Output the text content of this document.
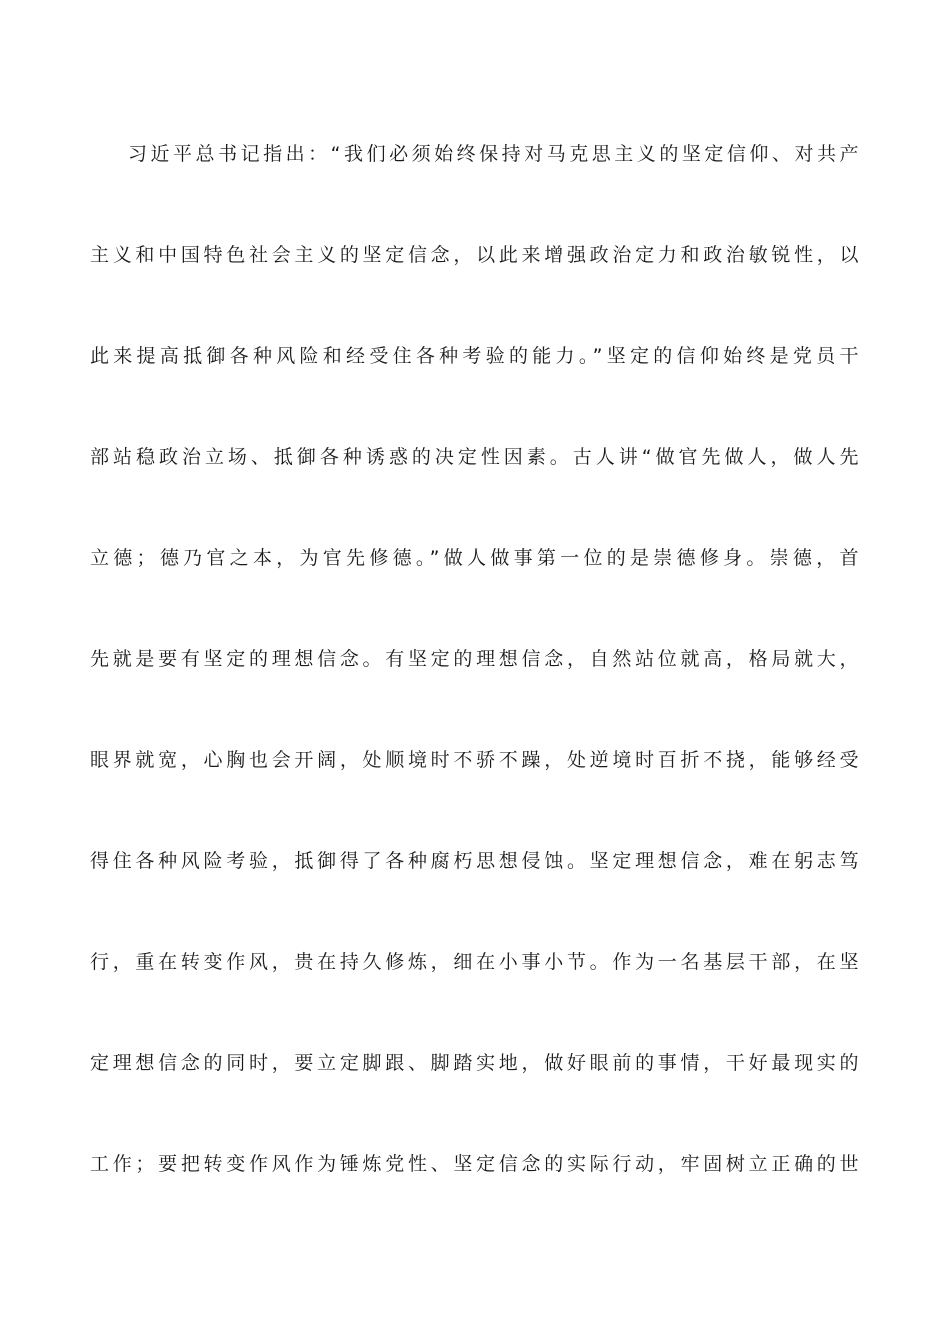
习近平总书记指出：“我们必须始终保持对马克思主义的坚定信仰、对共产
主义和中国特色社会主义的坚定信念，以此来增强政治定力和政治敏锐性，以
此来提高抵御各种风险和经受住各种考验的能力。”坚定的信仰始终是党员干
部站稳政治立场、抵御各种诱惑的决定性因素。古人讲“做官先做人，做人先
立德；德乃官之本，为官先修德。”做人做事第一位的是崇德修身。崇德，首
先就是要有坚定的理想信念。有坚定的理想信念，自然站位就高，格局就大，
眼界就宽，心胸也会开阔，处顺境时不骄不躁，处逆境时百折不挠，能够经受
得住各种风险考验，抵御得了各种腐朽思想侵蚀。坚定理想信念，难在躬志笃
行，重在转变作风，贵在持久修炼，细在小事小节。作为一名基层干部，在坚
定理想信念的同时，要立定脚跟、脚踏实地，做好眼前的事情，干好最现实的
工作；要把转变作风作为锤炼党性、坚定信念的实际行动，牢固树立正确的世
